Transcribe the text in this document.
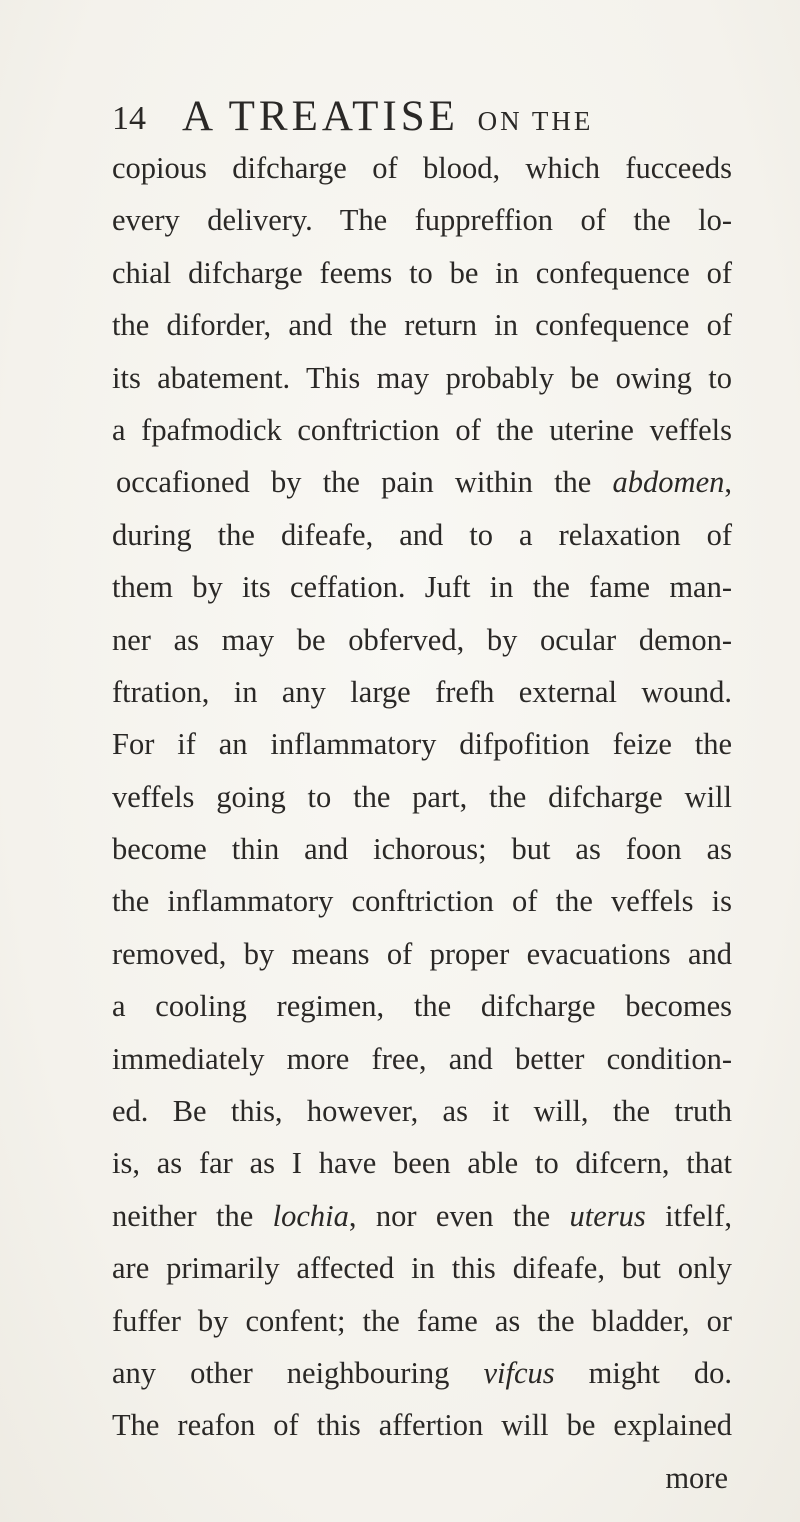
14 A TREATISE ON THE
copious difcharge of blood, which fucceeds
every delivery. The fuppreffion of the lo-
chial difcharge feems to be in confequence of
the diforder, and the return in confequence of
its abatement. This may probably be owing to
a fpafmodick conftriction of the uterine veffels
occafioned by the pain within the abdomen,
during the difeafe, and to a relaxation of
them by its ceffation. Juft in the fame man-
ner as may be obferved, by ocular demon-
ftration, in any large frefh external wound.
For if an inflammatory difpofition feize the
veffels going to the part, the difcharge will
become thin and ichorous; but as foon as
the inflammatory conftriction of the veffels is
removed, by means of proper evacuations and
a cooling regimen, the difcharge becomes
immediately more free, and better condition-
ed. Be this, however, as it will, the truth
is, as far as I have been able to difcern, that
neither the lochia, nor even the uterus itfelf,
are primarily affected in this difeafe, but only
fuffer by confent; the fame as the bladder, or
any other neighbouring vifcus might do.
The reafon of this affertion will be explained
more
